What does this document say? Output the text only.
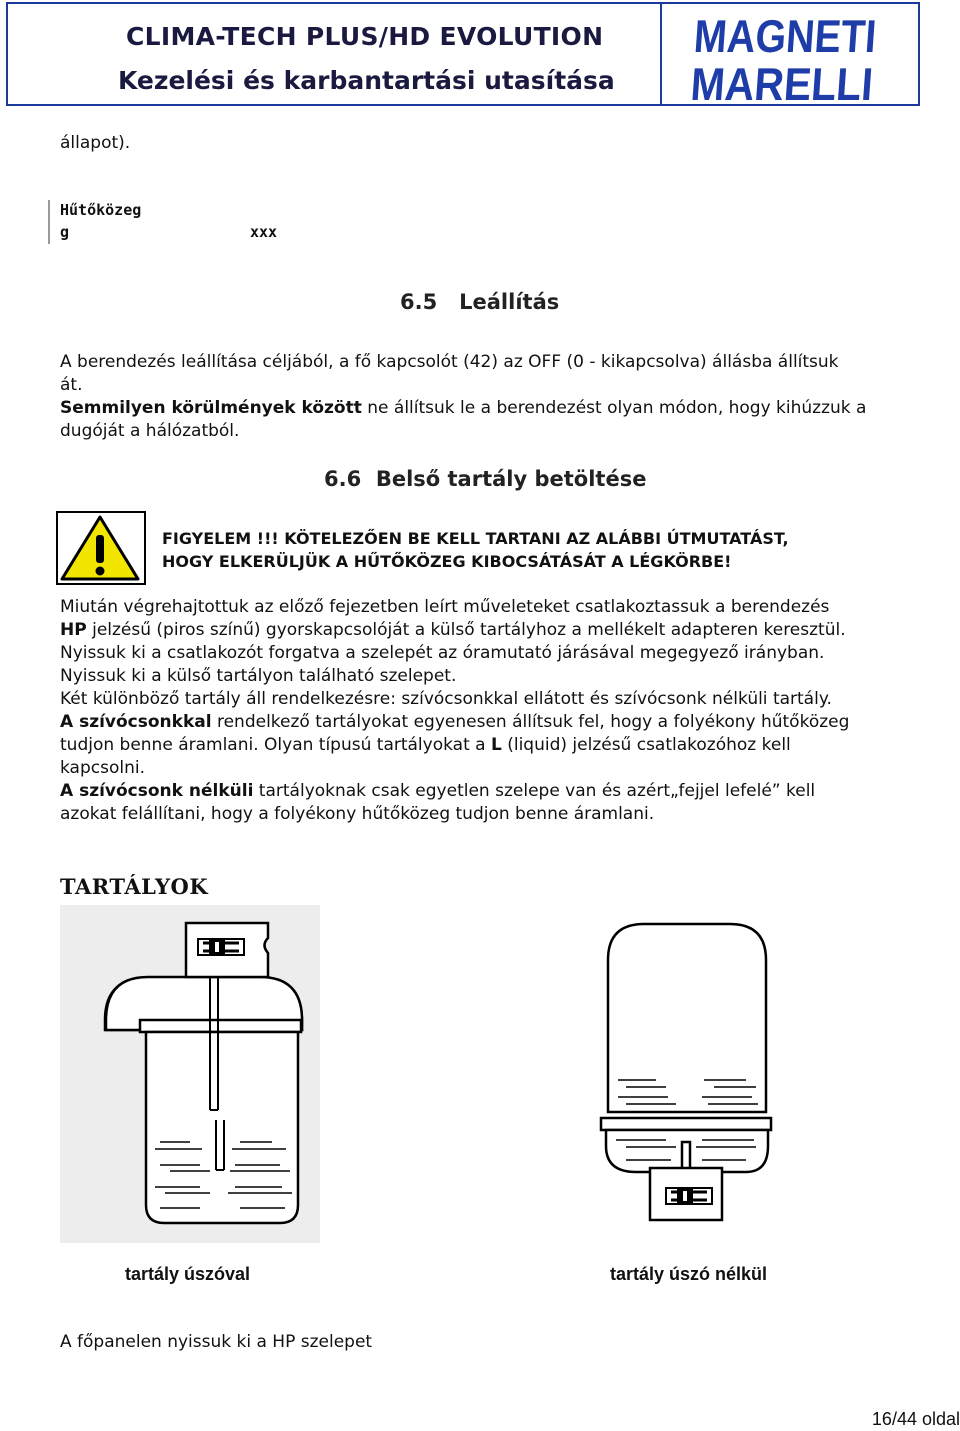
CLIMA-TECH PLUS/HD EVOLUTION
Kezelési és karbantartási utasítása
MAGNETI
MARELLI
állapot).
Hűtőközeg
g	xxx
6.5 Leállítás
A berendezés leállítása céljából, a fő kapcsolót (42) az OFF (0 - kikapcsolva) állásba állítsuk
át.
Semmilyen körülmények között ne állítsuk le a berendezést olyan módon, hogy kihúzzuk a
dugóját a hálózatból.
6.6 Belső tartály betöltése
FIGYELEM !!! KÖTELEZŐEN BE KELL TARTANI AZ ALÁBBI ÚTMUTATÁST,
HOGY ELKERÜLJÜK A HŰTŐKÖZEG KIBOCSÁTÁSÁT A LÉGKÖRBE!
Miután végrehajtottuk az előző fejezetben leírt műveleteket csatlakoztassuk a berendezés
HP jelzésű (piros színű) gyorskapcsolóját a külső tartályhoz a mellékelt adapteren keresztül.
Nyissuk ki a csatlakozót forgatva a szelepét az óramutató járásával megegyező irányban.
Nyissuk ki a külső tartályon található szelepet.
Két különböző tartály áll rendelkezésre: szívócsonkkal ellátott és szívócsonk nélküli tartály.
A szívócsonkkal rendelkező tartályokat egyenesen állítsuk fel, hogy a folyékony hűtőközeg
tudjon benne áramlani. Olyan típusú tartályokat a L (liquid) jelzésű csatlakozóhoz kell
kapcsolni.
A szívócsonk nélküli tartályoknak csak egyetlen szelepe van és azért„fejjel lefelé” kell
azokat felállítani, hogy a folyékony hűtőközeg tudjon benne áramlani.
TARTÁLYOK
tartály úszóval	tartály úszó nélkül
A főpanelen nyissuk ki a HP szelepet
16/44 oldal
